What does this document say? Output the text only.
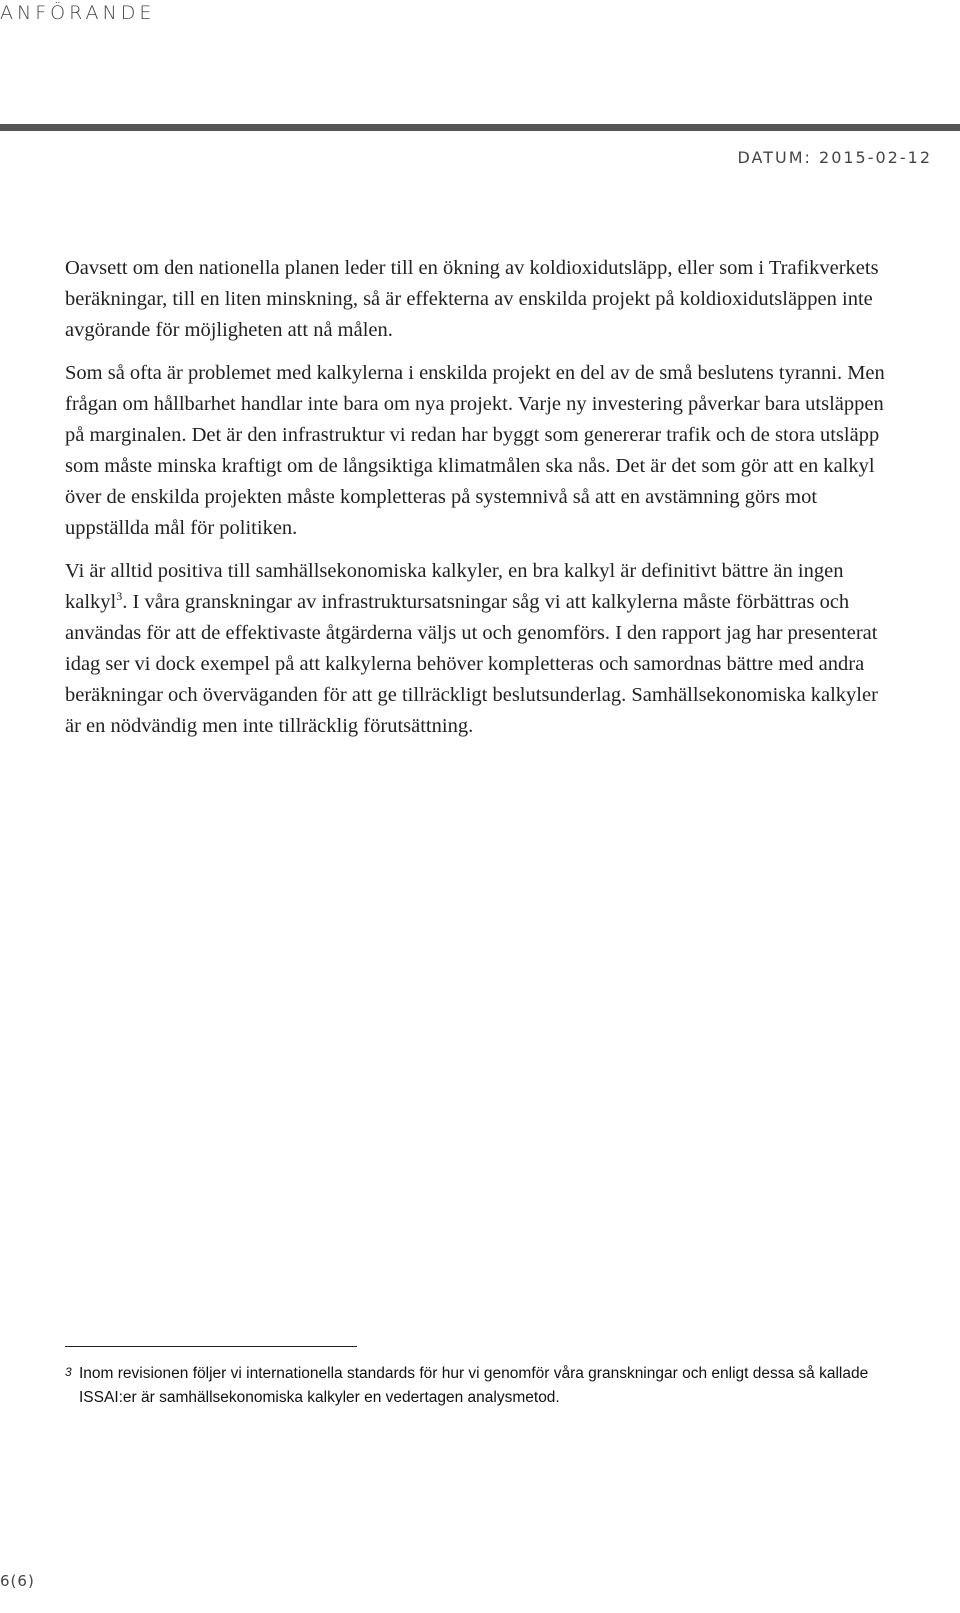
ANFÖRANDE
DATUM: 2015-02-12

Oavsett om den nationella planen leder till en ökning av koldioxidutsläpp, eller som i Trafikverkets beräkningar, till en liten minskning, så är effekterna av enskilda projekt på koldioxidutsläppen inte avgörande för möjligheten att nå målen.

Som så ofta är problemet med kalkylerna i enskilda projekt en del av de små beslutens tyranni. Men frågan om hållbarhet handlar inte bara om nya projekt. Varje ny investering påverkar bara utsläppen på marginalen. Det är den infrastruktur vi redan har byggt som genererar trafik och de stora utsläpp som måste minska kraftigt om de långsiktiga klimatmålen ska nås. Det är det som gör att en kalkyl över de enskilda projekten måste kompletteras på systemnivå så att en avstämning görs mot uppställda mål för politiken.

Vi är alltid positiva till samhällsekonomiska kalkyler, en bra kalkyl är definitivt bättre än ingen kalkyl$^3$. I våra granskningar av infrastruktursatsningar såg vi att kalkylerna måste förbättras och användas för att de effektivaste åtgärderna väljs ut och genomförs. I den rapport jag har presenterat idag ser vi dock exempel på att kalkylerna behöver kompletteras och samordnas bättre med andra beräkningar och överväganden för att ge tillräckligt beslutsunderlag. Samhällsekonomiska kalkyler är en nödvändig men inte tillräcklig förutsättning.

3 Inom revisionen följer vi internationella standards för hur vi genomför våra granskningar och enligt dessa så kallade ISSAI:er är samhällsekonomiska kalkyler en vedertagen analysmetod.
6(6)
